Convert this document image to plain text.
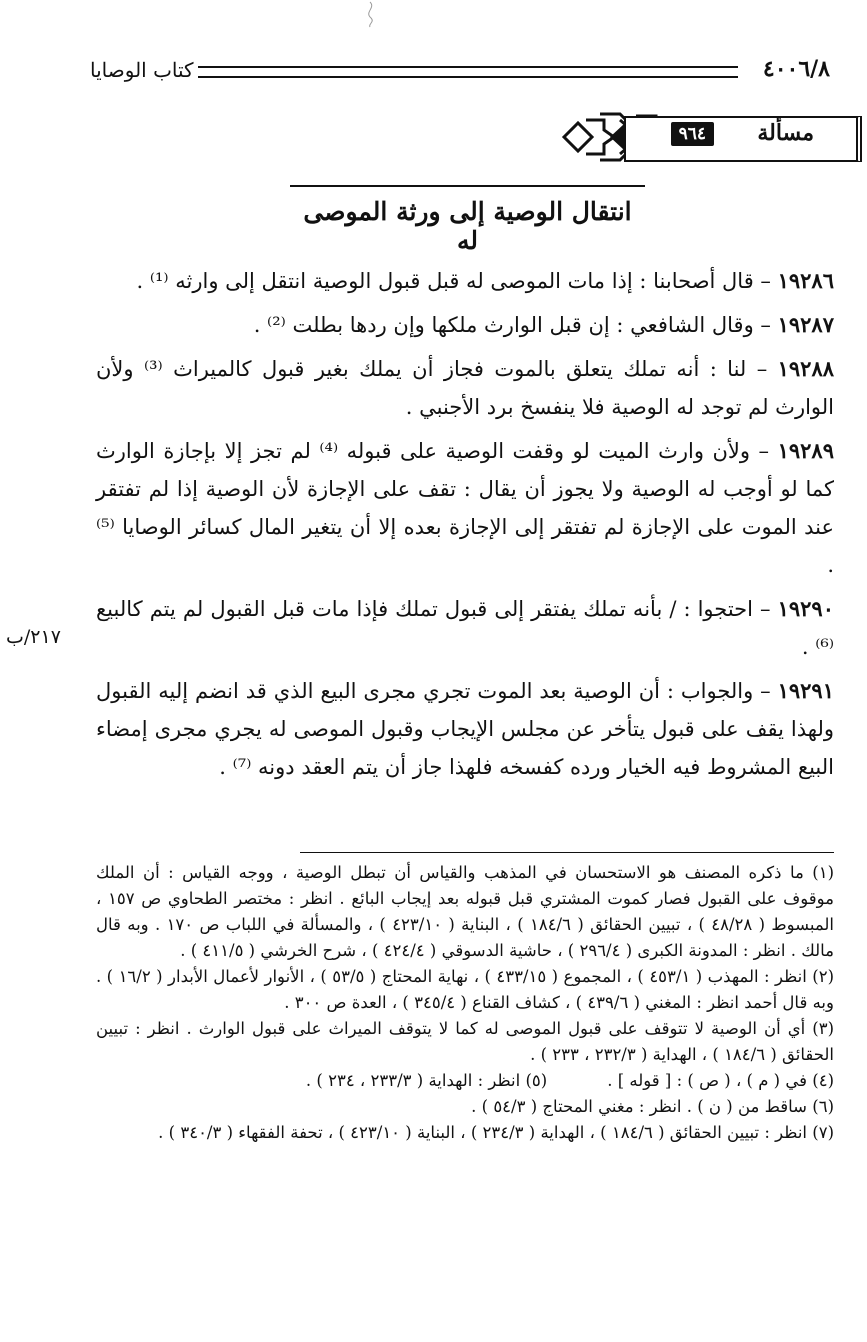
٤٠٠٦/٨
كتاب الوصايا
مسألة
٩٦٤
انتقال الوصية إلى ورثة الموصى له

١٩٢٨٦ – قال أصحابنا : إذا مات الموصى له قبل قبول الوصية انتقل إلى وارثه ⁽¹⁾ .

١٩٢٨٧ – وقال الشافعي : إن قبل الوارث ملكها وإن ردها بطلت ⁽²⁾ .

١٩٢٨٨ – لنا : أنه تملك يتعلق بالموت فجاز أن يملك بغير قبول كالميراث ⁽³⁾ ولأن الوارث لم توجد له الوصية فلا ينفسخ برد الأجنبي .

١٩٢٨٩ – ولأن وارث الميت لو وقفت الوصية على قبوله ⁽⁴⁾ لم تجز إلا بإجازة الوارث كما لو أوجب له الوصية ولا يجوز أن يقال : تقف على الإجازة لأن الوصية إذا لم تفتقر عند الموت على الإجازة لم تفتقر إلى الإجازة بعده إلا أن يتغير المال كسائر الوصايا ⁽⁵⁾ .

١٩٢٩٠ – احتجوا : / بأنه تملك يفتقر إلى قبول تملك فإذا مات قبل القبول لم يتم كالبيع ⁽⁶⁾ .

١٩٢٩١ – والجواب : أن الوصية بعد الموت تجري مجرى البيع الذي قد انضم إليه القبول ولهذا يقف على قبول يتأخر عن مجلس الإيجاب وقبول الموصى له يجري مجرى إمضاء البيع المشروط فيه الخيار ورده كفسخه فلهذا جاز أن يتم العقد دونه ⁽⁷⁾ .

٢١٧/ب

(١) ما ذكره المصنف هو الاستحسان في المذهب والقياس أن تبطل الوصية ، ووجه القياس : أن الملك موقوف على القبول فصار كموت المشتري قبل قبوله بعد إيجاب البائع . انظر : مختصر الطحاوي ص ١٥٧ ، المبسوط ( ٤٨/٢٨ ) ، تبيين الحقائق ( ١٨٤/٦ ) ، البناية ( ٤٢٣/١٠ ) ، والمسألة في اللباب ص ١٧٠ . وبه قال مالك . انظر : المدونة الكبرى ( ٢٩٦/٤ ) ، حاشية الدسوقي ( ٤٢٤/٤ ) ، شرح الخرشي ( ٤١١/٥ ) .

(٢) انظر : المهذب ( ٤٥٣/١ ) ، المجموع ( ٤٣٣/١٥ ) ، نهاية المحتاج ( ٥٣/٥ ) ، الأنوار لأعمال الأبدار ( ١٦/٢ ) . وبه قال أحمد انظر : المغني ( ٤٣٩/٦ ) ، كشاف القناع ( ٣٤٥/٤ ) ، العدة ص ٣٠٠ .

(٣) أي أن الوصية لا تتوقف على قبول الموصى له كما لا يتوقف الميراث على قبول الوارث . انظر : تبيين الحقائق ( ١٨٤/٦ ) ، الهداية ( ٢٣٢/٣ ، ٢٣٣ ) .

(٤) في ( م ) ، ( ص ) : [ قوله ] .

(٥) انظر : الهداية ( ٢٣٣/٣ ، ٢٣٤ ) .

(٦) ساقط من ( ن ) . انظر : مغني المحتاج ( ٥٤/٣ ) .

(٧) انظر : تبيين الحقائق ( ١٨٤/٦ ) ، الهداية ( ٢٣٤/٣ ) ، البناية ( ٤٢٣/١٠ ) ، تحفة الفقهاء ( ٣٤٠/٣ ) .
